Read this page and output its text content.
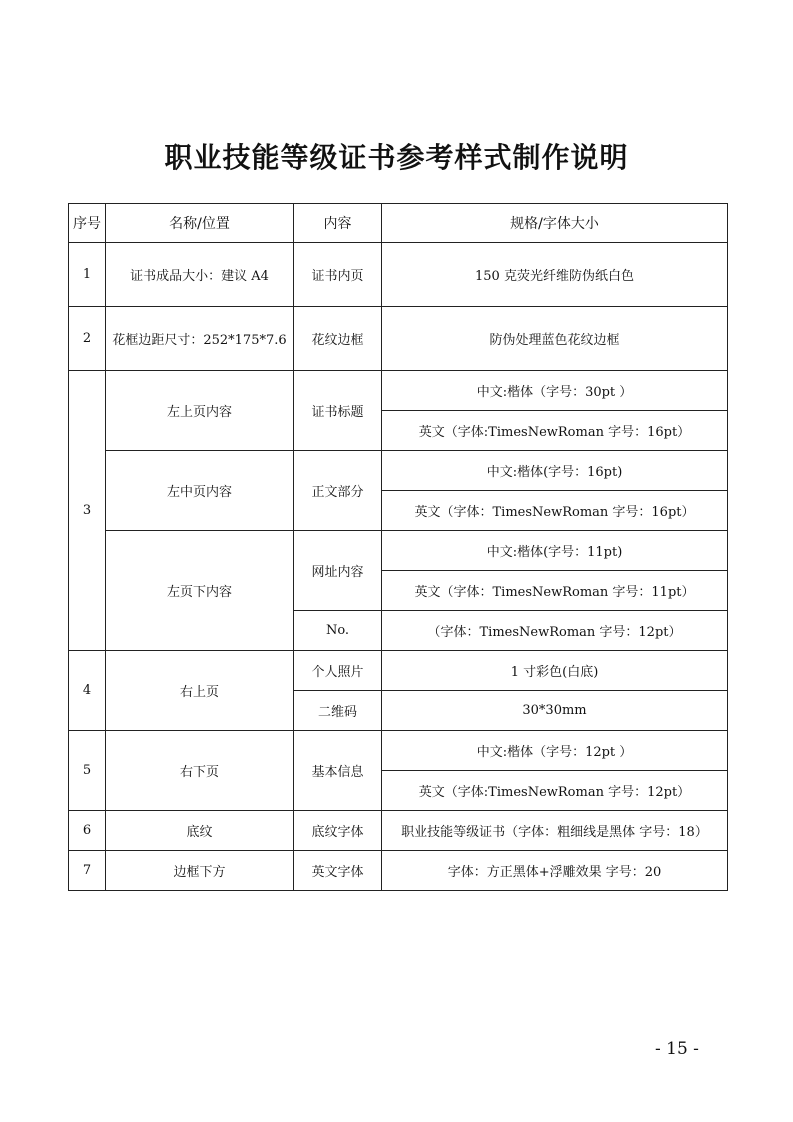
职业技能等级证书参考样式制作说明
序号	名称/位置	内容	规格/字体大小
1	证书成品大小：建议 A4	证书内页	150 克荧光纤维防伪纸白色
2	花框边距尺寸：252*175*7.6	花纹边框	防伪处理蓝色花纹边框
3	左上页内容	证书标题	中文:楷体（字号：30pt ）
			英文（字体:TimesNewRoman 字号：16pt）
	左中页内容	正文部分	中文:楷体(字号：16pt)
			英文（字体：TimesNewRoman 字号：16pt）
	左页下内容	网址内容	中文:楷体(字号：11pt)
			英文（字体：TimesNewRoman 字号：11pt）
		No.	（字体：TimesNewRoman 字号：12pt）
4	右上页	个人照片	1 寸彩色(白底)
		二维码	30*30mm
5	右下页	基本信息	中文:楷体（字号：12pt ）
			英文（字体:TimesNewRoman 字号：12pt）
6	底纹	底纹字体	职业技能等级证书（字体：粗细线是黑体 字号：18）
7	边框下方	英文字体	字体：方正黑体+浮雕效果 字号：20
- 15 -
